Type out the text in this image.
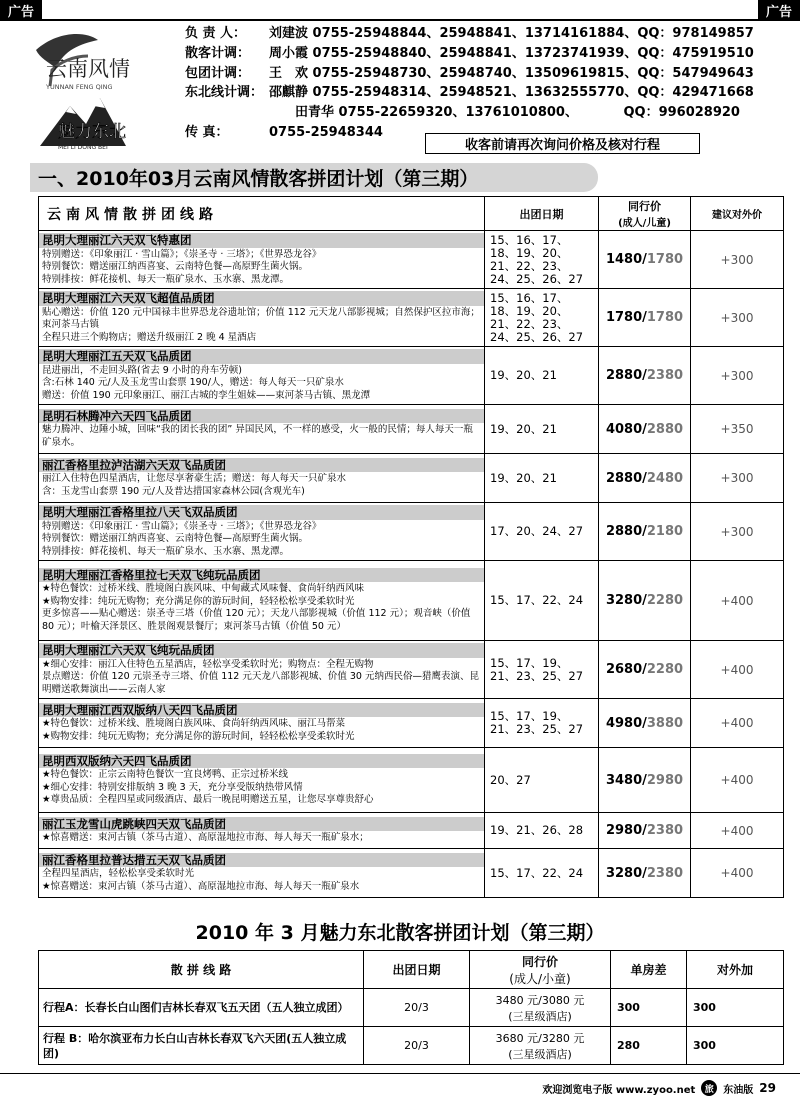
广告	广告
云南风情
YUNNAN FENG QING
魅力东北
MEI LI DONG BEI
负 责 人：	刘建波 0755-25948844、25948841、13714161884、QQ：978149857
散客计调：	周小霞 0755-25948840、25948841、13723741939、QQ：475919510
包团计调：	王　欢 0755-25948730、25948740、13509619815、QQ：547949643
东北线计调： 邵麒静 0755-25948314、25948521、13632555770、QQ：429471668
　　田青华 0755-22659320、13761010800、　　　　QQ：996028920
传 真：	0755-25948344
收客前请再次询问价格及核对行程
一、2010年03月云南风情散客拼团计划（第三期）
云南风情散拼团线路	出团日期	同行价
(成人/儿童)	建议对外价

昆明大理丽江六天双飞特惠团
特别赠送：《印象丽江 · 雪山篇》；《崇圣寺 · 三塔》；《世界恐龙谷》
特别餐饮：赠送丽江纳西喜宴、云南特色餐—高原野生菌火锅。
特别排按：鲜花接机、每天一瓶矿泉水、玉水寨、黑龙潭。	15、16、17、18、19、20、21、22、23、24、25、26、27	1480/1780	+300

昆明大理丽江六天双飞超值品质团
贴心赠送：价值 120 元中国禄丰世界恐龙谷遗址馆；价值 112 元天龙八部影视城；自然保护区拉市海；束河茶马古镇
全程只进三个购物店；赠送升级丽江 2 晚 4 星酒店	15、16、17、18、19、20、21、22、23、24、25、26、27	1780/1780	+300

昆明大理丽江五天双飞品质团
昆进丽出，不走回头路(省去 9 小时的舟车劳顿)
含:石林 140 元/人及玉龙雪山套票 190/人，赠送：每人每天一只矿泉水
赠送：价值 190 元印象丽江、丽江古城的孪生姐妹——束河茶马古镇、黑龙潭	19、20、21	2880/2380	+300

昆明石林腾冲六天四飞品质团
魅力腾冲、边陲小城，回味“我的团长我的团” 异国民风，不一样的感受，火一般的民情；每人每天一瓶矿泉水。	19、20、21	4080/2880	+350

丽江香格里拉泸沽湖六天双飞品质团
丽江入住特色四星酒店，让您尽享奢豪生活；赠送：每人每天一只矿泉水
含：玉龙雪山套票 190 元/人及普达措国家森林公园(含观光车)	19、20、21	2880/2480	+300

昆明大理丽江香格里拉八天飞双品质团
特别赠送：《印象丽江 · 雪山篇》；《崇圣寺 · 三塔》；《世界恐龙谷》
特别餐饮：赠送丽江纳西喜宴、云南特色餐—高原野生菌火锅。
特别排按：鲜花接机、每天一瓶矿泉水、玉水寨、黑龙潭。	17、20、24、27	2880/2180	+300

昆明大理丽江香格里拉七天双飞纯玩品质团
★特色餐饮：过桥米线、胜境阁白族风味、中甸藏式风味餐、食尚轩纳西风味
★购物安排：纯玩无购物；充分满足你的游玩时间，轻轻松松享受柔软时光
更多惊喜——贴心赠送：崇圣寺三塔（价值 120 元）；天龙八部影视城（价值 112 元）；观音峡（价值 80 元）；叶榆天泽景区、胜景阁观景餐厅；束河茶马古镇（价值 50 元）	15、17、22、24	3280/2280	+400

昆明大理丽江六天双飞纯玩品质团
★细心安排：丽江入住特色五星酒店，轻松享受柔软时光；购物点：全程无购物
景点赠送：价值 120 元崇圣寺三塔、价值 112 元天龙八部影视城、价值 30 元纳西民俗—猎鹰表演、昆明赠送歌舞演出——云南人家	15、17、19、21、23、25、27	2680/2280	+400

昆明大理丽江西双版纳八天四飞品质团
★特色餐饮：过桥米线、胜境阁白族风味、食尚轩纳西风味、丽江马帮菜
★购物安排：纯玩无购物；充分满足你的游玩时间，轻轻松松享受柔软时光	15、17、19、21、23、25、27	4980/3880	+400

昆明西双版纳六天四飞品质团
★特色餐饮：正宗云南特色餐饮一宜良烤鸭、正宗过桥米线
★细心安排：特别安排版纳 3 晚 3 天，充分享受版纳热带风情
★尊贵品质：全程四星或同级酒店、最后一晚昆明赠送五星，让您尽享尊贵舒心	20、27	3480/2980	+400

丽江玉龙雪山虎跳峡四天双飞品质团
★惊喜赠送：束河古镇（茶马古道）、高原湿地拉市海、每人每天一瓶矿泉水；	19、21、26、28	2980/2380	+400

丽江香格里拉普达措五天双飞品质团
全程四星酒店，轻松松享受柔软时光
★惊喜赠送：束河古镇（茶马古道）、高原湿地拉市海、每人每天一瓶矿泉水	15、17、22、24	3280/2380	+400
2010 年 3 月魅力东北散客拼团计划（第三期）
散 拼 线 路	出团日期	同行价
(成人/小童)	单房差	对外加
行程A：长春长白山图们吉林长春双飞五天团（五人独立成团）	20/3	3480 元/3080 元
(三星级酒店)	300	300
行程 B：哈尔滨亚布力长白山吉林长春双飞六天团(五人独立成团)	20/3	3680 元/3280 元
(三星级酒店)	280	300
欢迎浏览电子版 www.zyoo.net	旅 东油版 29
